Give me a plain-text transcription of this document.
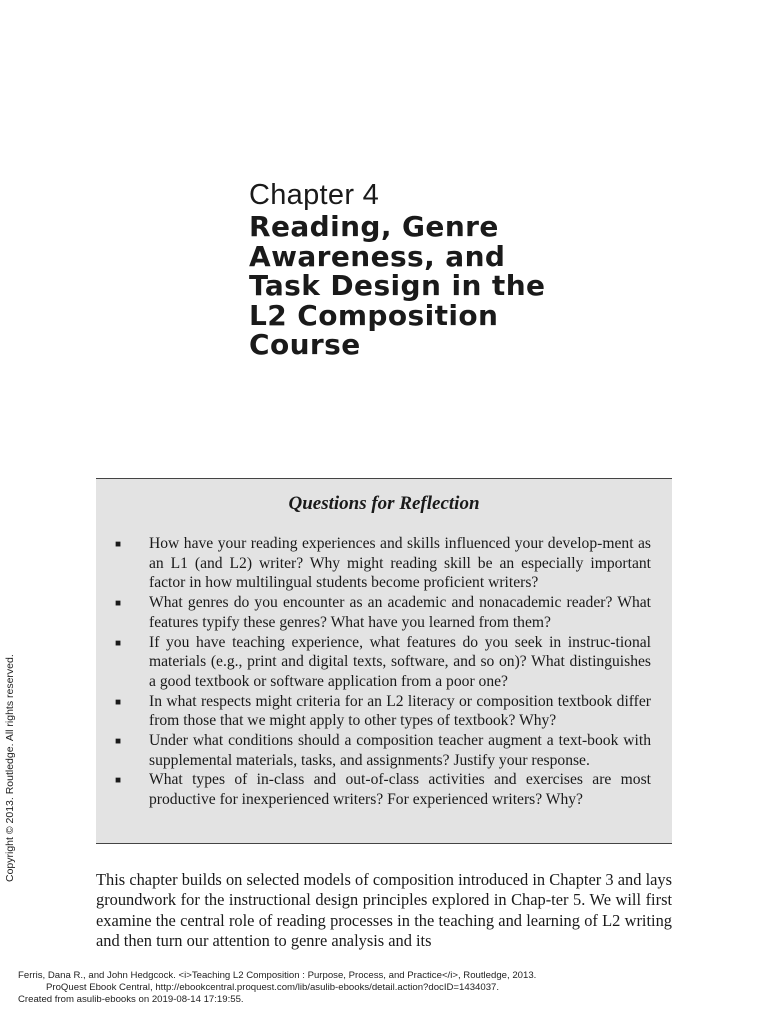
Chapter 4
Reading, Genre
Awareness, and
Task Design in the
L2 Composition
Course
Questions for Reflection
■	How have your reading experiences and skills influenced your develop-ment as an L1 (and L2) writer? Why might reading skill be an especially important factor in how multilingual students become proficient writers?
■	What genres do you encounter as an academic and nonacademic reader? What features typify these genres? What have you learned from them?
■	If you have teaching experience, what features do you seek in instruc-tional materials (e.g., print and digital texts, software, and so on)? What distinguishes a good textbook or software application from a poor one?
■	In what respects might criteria for an L2 literacy or composition textbook differ from those that we might apply to other types of textbook? Why?
■	Under what conditions should a composition teacher augment a text-book with supplemental materials, tasks, and assignments? Justify your response.
■	What types of in-class and out-of-class activities and exercises are most productive for inexperienced writers? For experienced writers? Why?
Copyright © 2013. Routledge. All rights reserved.	This chapter builds on selected models of composition introduced in Chapter 3 and lays groundwork for the instructional design principles explored in Chap-ter 5. We will first examine the central role of reading processes in the teaching and learning of L2 writing and then turn our attention to genre analysis and its

Ferris, Dana R., and John Hedgcock. <i>Teaching L2 Composition : Purpose, Process, and Practice</i>, Routledge, 2013.
ProQuest Ebook Central, http://ebookcentral.proquest.com/lib/asulib-ebooks/detail.action?docID=1434037.
Created from asulib-ebooks on 2019-08-14 17:19:55.
